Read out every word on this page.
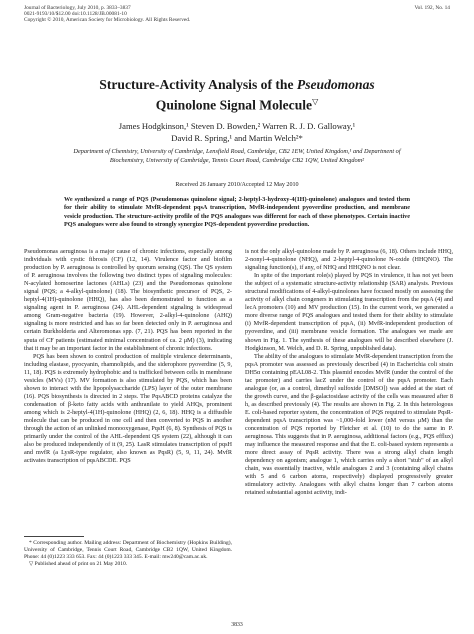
Journal of Bacteriology, July 2010, p. 3833–3837
0021-9193/10/$12.00 doi:10.1128/JB.00081-10
Copyright © 2010, American Society for Microbiology. All Rights Reserved.
Vol. 192, No. 14
Structure-Activity Analysis of the Pseudomonas
Quinolone Signal Molecule▽
James Hodgkinson,¹ Steven D. Bowden,² Warren R. J. D. Galloway,¹
David R. Spring,¹ and Martin Welch²*
Department of Chemistry, University of Cambridge, Lensfield Road, Cambridge, CB2 1EW, United Kingdom,¹ and Department of
Biochemistry, University of Cambridge, Tennis Court Road, Cambridge CB2 1QW, United Kingdom²
Received 26 January 2010/Accepted 12 May 2010
We synthesized a range of PQS (Pseudomonas quinolone signal; 2-heptyl-3-hydroxy-4(1H)-quinolone) analogues and tested them for their ability to stimulate MvfR-dependent pqsA transcription, MvfR-independent pyoverdine production, and membrane vesicle production. The structure-activity profile of the PQS analogues was different for each of these phenotypes. Certain inactive PQS analogues were also found to strongly synergize PQS-dependent pyoverdine production.

Pseudomonas aeruginosa is a major cause of chronic infections, especially among individuals with cystic fibrosis (CF) (12, 14). Virulence factor and biofilm production by P. aeruginosa is controlled by quorum sensing (QS). The QS system of P. aeruginosa involves the following two distinct types of signaling molecules: N-acylated homoserine lactones (AHLs) (23) and the Pseudomonas quinolone signal (PQS; a 4-alkyl-quinolone) (18). The biosynthetic precursor of PQS, 2-heptyl-4(1H)-quinolone (HHQ), has also been demonstrated to function as a signaling agent in P. aeruginosa (24). AHL-dependent signaling is widespread among Gram-negative bacteria (19). However, 2-alkyl-4-quinolone (AHQ) signaling is more restricted and has so far been detected only in P. aeruginosa and certain Burkholderia and Alteromonas spp. (7, 21). PQS has been reported in the sputa of CF patients (estimated minimal concentration of ca. 2 μM) (3), indicating that it may be an important factor in the establishment of chronic infections.

PQS has been shown to control production of multiple virulence determinants, including elastase, pyocyanin, rhamnolipids, and the siderophore pyoverdine (5, 9, 11, 18). PQS is extremely hydrophobic and is trafficked between cells in membrane vesicles (MVs) (17). MV formation is also stimulated by PQS, which has been shown to interact with the lipopolysaccharide (LPS) layer of the outer membrane (16). PQS biosynthesis is directed in 2 steps. The PqsABCD proteins catalyze the condensation of β-keto fatty acids with anthranilate to yield AHQs, prominent among which is 2-heptyl-4(1H)-quinolone (HHQ) (2, 6, 18). HHQ is a diffusible molecule that can be produced in one cell and then converted to PQS in another through the action of an unlinked monooxygenase, PqsH (6, 8). Synthesis of PQS is primarily under the control of the AHL-dependent QS system (22), although it can also be produced independently of it (9, 25). LasR stimulates transcription of pqsH and mvfR (a LysR-type regulator, also known as PqsR) (5, 9, 11, 24). MvfR activates transcription of pqsABCDE. PQS

is not the only alkyl-quinolone made by P. aeruginosa (6, 18). Others include HHQ, 2-nonyl-4-quinolone (NHQ), and 2-heptyl-4-quinolone N-oxide (HHQNO). The signaling function(s), if any, of NHQ and HHQNO is not clear.

In spite of the important role(s) played by PQS in virulence, it has not yet been the subject of a systematic structure-activity relationship (SAR) analysis. Previous structural modifications of 4-alkyl-quinolones have focused mostly on assessing the activity of alkyl chain congeners in stimulating transcription from the pqsA (4) and lecA promoters (10) and MV production (15). In the current work, we generated a more diverse range of PQS analogues and tested them for their ability to stimulate (i) MvfR-dependent transcription of pqsA, (ii) MvfR-independent production of pyoverdine, and (iii) membrane vesicle formation. The analogues we made are shown in Fig. 1. The synthesis of these analogues will be described elsewhere (J. Hodgkinson, M. Welch, and D. R. Spring, unpublished data).

The ability of the analogues to stimulate MvfR-dependent transcription from the pqsA promoter was assessed as previously described (4) in Escherichia coli strain DH5α containing pEAL08-2. This plasmid encodes MvfR (under the control of the tac promoter) and carries lacZ under the control of the pqsA promoter. Each analogue (or, as a control, dimethyl sulfoxide [DMSO]) was added at the start of the growth curve, and the β-galactosidase activity of the cells was measured after 8 h, as described previously (4). The results are shown in Fig. 2. In this heterologous E. coli-based reporter system, the concentration of PQS required to stimulate PqsR-dependent pqsA transcription was ~1,000-fold lower (nM versus μM) than the concentration of PQS reported by Fletcher et al. (10) to do the same in P. aeruginosa. This suggests that in P. aeruginosa, additional factors (e.g., PQS efflux) may influence the measured response and that the E. coli-based system represents a more direct assay of PqsR activity. There was a strong alkyl chain length dependency on agonism; analogue 1, which carries only a short "stub" of an alkyl chain, was essentially inactive, while analogues 2 and 3 (containing alkyl chains with 5 and 6 carbon atoms, respectively) displayed progressively greater stimulatory activity. Analogues with alkyl chains longer than 7 carbon atoms retained substantial agonist activity, indi-

* Corresponding author. Mailing address: Department of Biochemistry (Hopkins Building), University of Cambridge, Tennis Court Road, Cambridge CB2 1QW, United Kingdom. Phone: 44 (0)1223 333 653. Fax: 44 (0)1223 333 345. E-mail: mw240@cam.ac.uk.
▽ Published ahead of print on 21 May 2010.
3833
